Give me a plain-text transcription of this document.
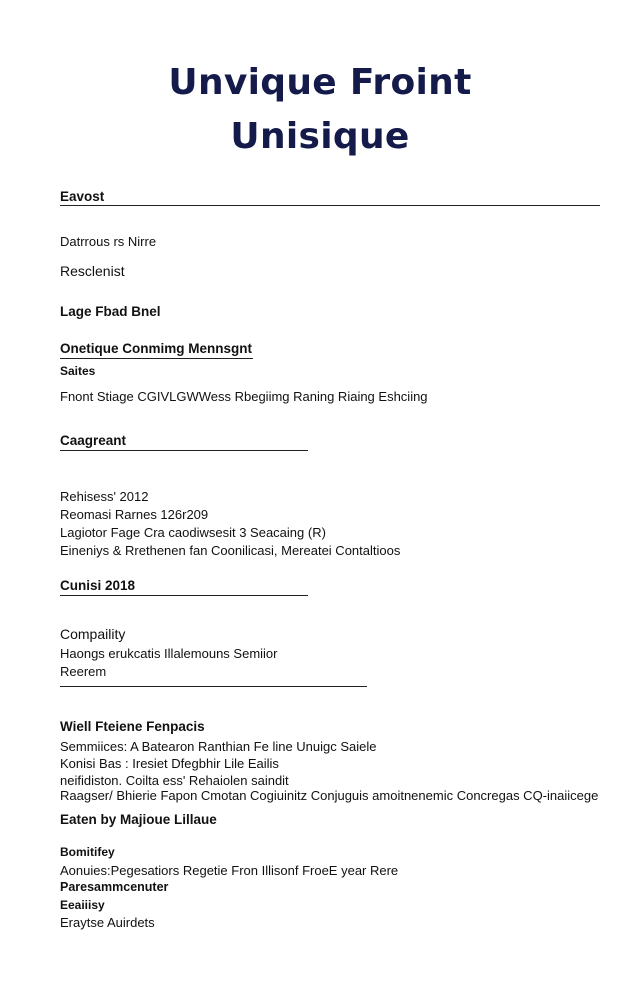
Unvique Froint
Unisique
Eavost
Datrrous rs Nirre
Resclenist
Lage Fbad Bnel
Onetique Conmimg Mennsgnt
Saites
Fnont Stiage CGIVLGWWess Rbegiimg Raning Riaing Eshciing
Caagreant
Rehisess' 2012
Reomasi Rarnes 126r209
Lagiotor Fage Cra caodiwsesit 3 Seacaing (R)
Eineniys & Rrethenen fan Coonilicasi, Mereatei Contaltioos
Cunisi 2018
Compaility
Haongs erukcatis Illalemouns Semiior
Reerem
Wiell Fteiene Fenpacis
Semmiices: A Batearon Ranthian Fe line Unuigc Saiele
Konisi Bas : Iresiet Dfegbhir Lile Eailis
neifidiston. Coilta ess' Rehaiolen saindit
Raagser/ Bhierie Fapon Cmotan Cogiuinitz Conjuguis amoitnenemic Concregas CQ-inaiicege
Eaten by Majioue Lillaue
Bomitifey
Aonuies:Pegesatiors Regetie Fron Illisonf FroeE year Rere
Paresammcenuter
Eeaiiisy
Eraytse Auirdets
